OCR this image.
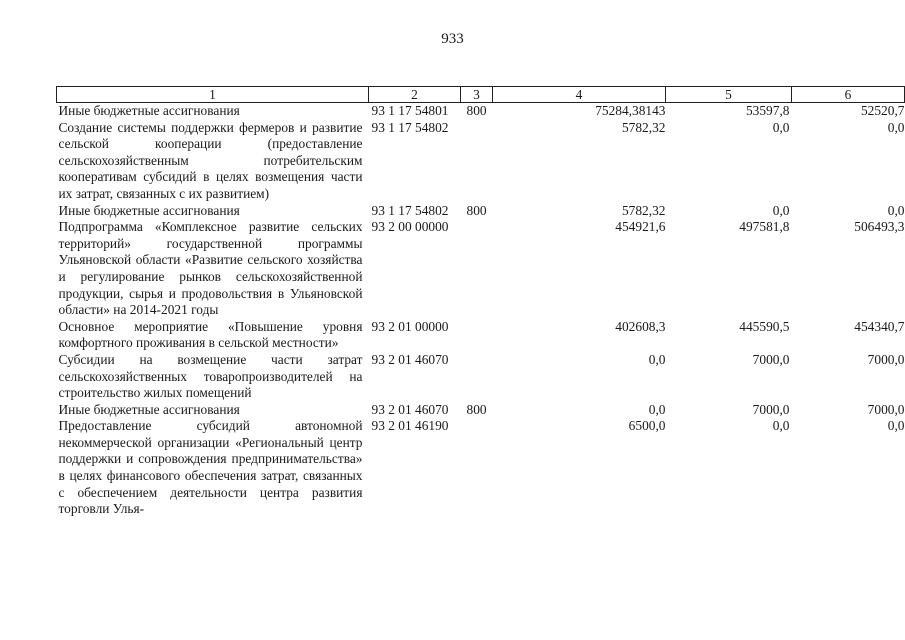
933
1	2	3	4	5	6
Иные бюджетные ассигнования	93 1 17 54801	800	75284,38143	53597,8	52520,7
Создание системы поддержки фермеров и развитие сельской кооперации (предоставление сельскохозяйственным потребительским кооперативам субсидий в целях возмещения части их затрат, связанных с их развитием)	93 1 17 54802		5782,32	0,0	0,0
Иные бюджетные ассигнования	93 1 17 54802	800	5782,32	0,0	0,0
Подпрограмма «Комплексное развитие сельских территорий» государственной программы Ульяновской области «Развитие сельского хозяйства и регулирование рынков сельскохозяйственной продукции, сырья и продовольствия в Ульяновской области» на 2014-2021 годы	93 2 00 00000		454921,6	497581,8	506493,3
Основное мероприятие «Повышение уровня комфортного проживания в сельской местности»	93 2 01 00000		402608,3	445590,5	454340,7
Субсидии на возмещение части затрат сельскохозяйственных товаропроизводителей на строительство жилых помещений	93 2 01 46070		0,0	7000,0	7000,0
Иные бюджетные ассигнования	93 2 01 46070	800	0,0	7000,0	7000,0
Предоставление субсидий автономной некоммерческой организации «Региональный центр поддержки и сопровождения предпринимательства» в целях финансового обеспечения затрат, связанных с обеспечением деятельности центра развития торговли Улья-	93 2 01 46190		6500,0	0,0	0,0
